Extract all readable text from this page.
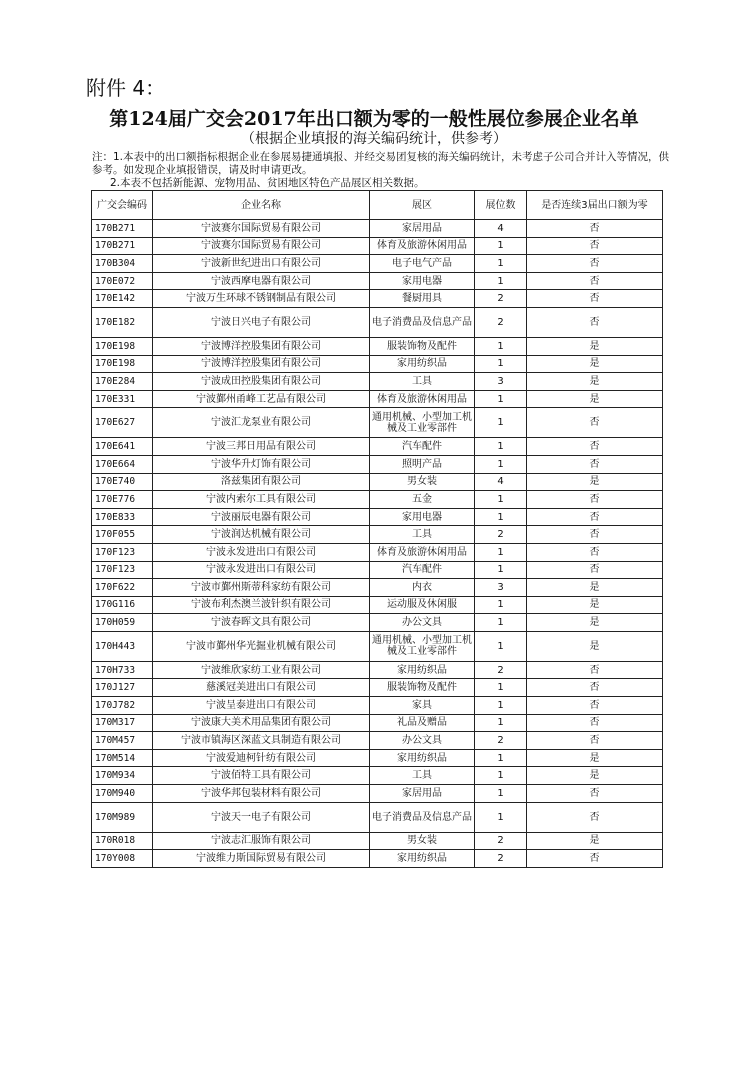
附件 4：
第124届广交会2017年出口额为零的一般性展位参展企业名单
（根据企业填报的海关编码统计，供参考）
注：1.本表中的出口额指标根据企业在参展易捷通填报、并经交易团复核的海关编码统计，未考虑子公司合并计入等情况，供参考。如发现企业填报错误，请及时申请更改。
2.本表不包括新能源、宠物用品、贫困地区特色产品展区相关数据。
广交会编码	企业名称	展区	展位数	是否连续3届出口额为零
170B271	宁波赛尔国际贸易有限公司	家居用品	4	否
170B271	宁波赛尔国际贸易有限公司	体育及旅游休闲用品	1	否
170B304	宁波新世纪进出口有限公司	电子电气产品	1	否
170E072	宁波西摩电器有限公司	家用电器	1	否
170E142	宁波万生环球不锈钢制品有限公司	餐厨用具	2	否
170E182	宁波日兴电子有限公司	电子消费品及信息产品	2	否
170E198	宁波博洋控股集团有限公司	服装饰物及配件	1	是
170E198	宁波博洋控股集团有限公司	家用纺织品	1	是
170E284	宁波成田控股集团有限公司	工具	3	是
170E331	宁波鄞州甬峰工艺品有限公司	体育及旅游休闲用品	1	是
170E627	宁波汇龙泵业有限公司	通用机械、小型加工机械及工业零部件	1	否
170E641	宁波三邦日用品有限公司	汽车配件	1	否
170E664	宁波华升灯饰有限公司	照明产品	1	否
170E740	洛兹集团有限公司	男女装	4	是
170E776	宁波内索尔工具有限公司	五金	1	否
170E833	宁波丽辰电器有限公司	家用电器	1	否
170F055	宁波润达机械有限公司	工具	2	否
170F123	宁波永发进出口有限公司	体育及旅游休闲用品	1	否
170F123	宁波永发进出口有限公司	汽车配件	1	否
170F622	宁波市鄞州斯蒂科家纺有限公司	内衣	3	是
170G116	宁波布利杰澳兰波针织有限公司	运动服及休闲服	1	是
170H059	宁波春晖文具有限公司	办公文具	1	是
170H443	宁波市鄞州华光掘业机械有限公司	通用机械、小型加工机械及工业零部件	1	是
170H733	宁波维欣家纺工业有限公司	家用纺织品	2	否
170J127	慈溪冠美进出口有限公司	服装饰物及配件	1	否
170J782	宁波呈泰进出口有限公司	家具	1	否
170M317	宁波康大美术用品集团有限公司	礼品及赠品	1	否
170M457	宁波市镇海区深蓝文具制造有限公司	办公文具	2	否
170M514	宁波爱迪柯针纺有限公司	家用纺织品	1	是
170M934	宁波佰特工具有限公司	工具	1	是
170M940	宁波华邦包装材料有限公司	家居用品	1	否
170M989	宁波天一电子有限公司	电子消费品及信息产品	1	否
170R018	宁波志汇服饰有限公司	男女装	2	是
170Y008	宁波维力斯国际贸易有限公司	家用纺织品	2	否
